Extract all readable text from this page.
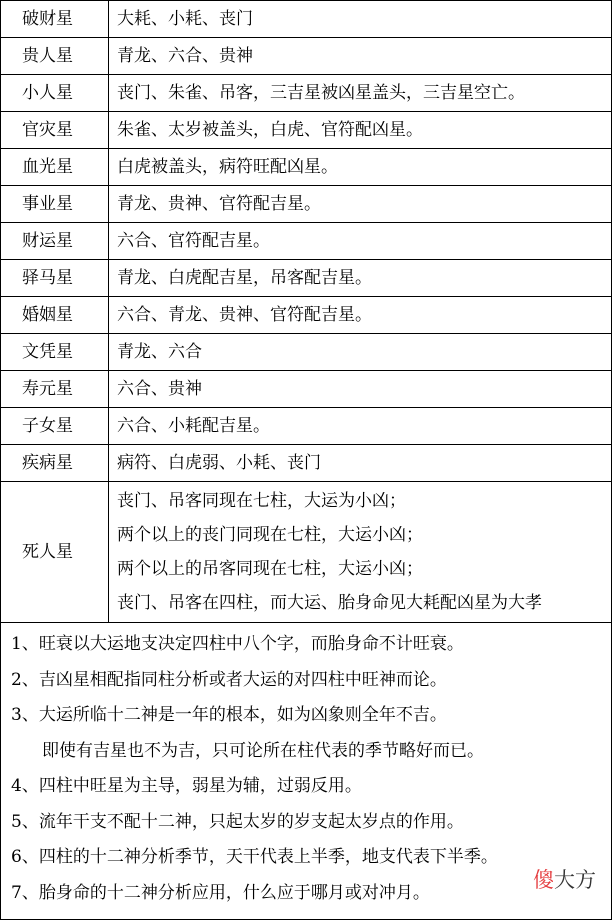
破财星	大耗、小耗、丧门
贵人星	青龙、六合、贵神
小人星	丧门、朱雀、吊客，三吉星被凶星盖头，三吉星空亡。
官灾星	朱雀、太岁被盖头，白虎、官符配凶星。
血光星	白虎被盖头，病符旺配凶星。
事业星	青龙、贵神、官符配吉星。
财运星	六合、官符配吉星。
驿马星	青龙、白虎配吉星，吊客配吉星。
婚姻星	六合、青龙、贵神、官符配吉星。
文凭星	青龙、六合
寿元星	六合、贵神
子女星	六合、小耗配吉星。
疾病星	病符、白虎弱、小耗、丧门
死人星	丧门、吊客同现在七柱，大运为小凶；
两个以上的丧门同现在七柱，大运小凶；
两个以上的吊客同现在七柱，大运小凶；
丧门、吊客在四柱，而大运、胎身命见大耗配凶星为大孝
1、旺衰以大运地支决定四柱中八个字，而胎身命不计旺衰。
2、吉凶星相配指同柱分析或者大运的对四柱中旺神而论。
3、大运所临十二神是一年的根本，如为凶象则全年不吉。
即使有吉星也不为吉，只可论所在柱代表的季节略好而已。
4、四柱中旺星为主导，弱星为辅，过弱反用。
5、流年干支不配十二神，只起太岁的岁支起太岁点的作用。
6、四柱的十二神分析季节，天干代表上半季，地支代表下半季。
7、胎身命的十二神分析应用，什么应于哪月或对冲月。
傻 大方
